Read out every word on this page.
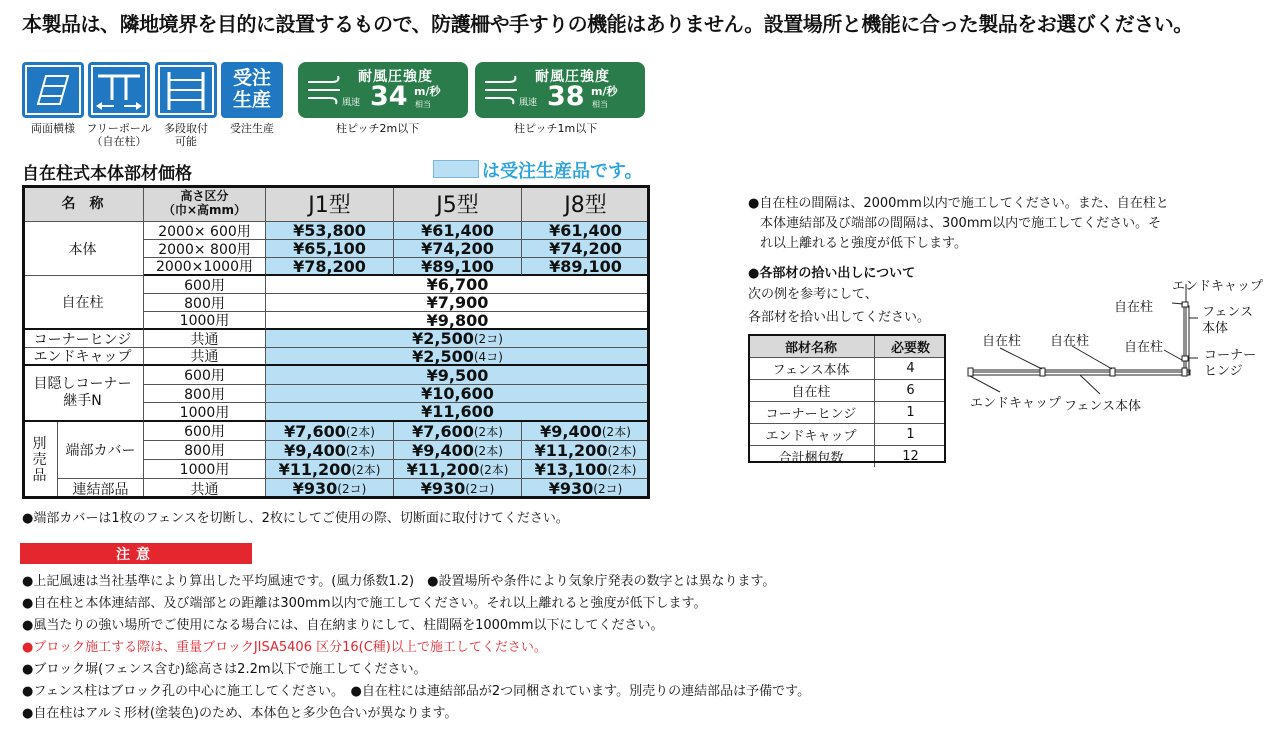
本製品は、隣地境界を目的に設置するもので、防護柵や手すりの機能はありません。設置場所と機能に合った製品をお選びください。
受注
生産
両面横様	フリーポール
（自在柱）
多段取付
可能
受注生産
耐風圧強度
風速 34 m/秒
相当
柱ピッチ2m以下
耐風圧強度
風速 38 m/秒
相当
柱ピッチ1m以下
自在柱式本体部材価格	は受注生産品です。
名　称	高さ区分
（巾×高mm）	J1型	J5型	J8型
本体
2000× 600用	¥53,800	¥61,400	¥61,400
2000× 800用	¥65,100	¥74,200	¥74,200
2000×1000用	¥78,200	¥89,100	¥89,100
自在柱
600用	¥6,700
800用	¥7,900
1000用	¥9,800
コーナーヒンジ	共通	¥2,500 (2コ)
エンドキャップ	共通	¥2,500 (4コ)
目隠しコーナー
継手N
600用	¥9,500
800用	¥10,600
1000用	¥11,600
別
売
品
端部カバー
600用	¥7,600 (2本) ¥7,600 (2本) ¥9,400 (2本)
800用	¥9,400 (2本) ¥9,400 (2本) ¥11,200 (2本)
1000用	¥11,200 (2本) ¥11,200 (2本) ¥13,100 (2本)
連結部品	共通	¥930 (2コ)	¥930 (2コ)	¥930 (2コ)
●端部カバーは1枚のフェンスを切断し、2枚にしてご使用の際、切断面に取付けてください。
注意
●上記風速は当社基準により算出した平均風速です。(風力係数1.2)　●設置場所や条件により気象庁発表の数字とは異なります。
●自在柱と本体連結部、及び端部との距離は300mm以内で施工してください。それ以上離れると強度が低下します。
●風当たりの強い場所でご使用になる場合には、自在納まりにして、柱間隔を1000mm以下にしてください。
●ブロック施工する際は、重量ブロックJISA5406 区分16(C種)以上で施工してください。
●ブロック塀(フェンス含む)総高さは2.2m以下で施工してください。
●フェンス柱はブロック孔の中心に施工してください。　●自在柱には連結部品が2つ同梱されています。別売りの連結部品は予備です。
●自在柱はアルミ形材(塗装色)のため、本体色と多少色合いが異なります。
●自在柱の間隔は、2000mm以内で施工してください。また、自在柱と
本体連結部及び端部の間隔は、300mm以内で施工してください。そ
れ以上離れると強度が低下します。
●各部材の拾い出しについて
次の例を参考にして、
各部材を拾い出してください。
部材名称	必要数
フェンス本体	4
自在柱	6
コーナーヒンジ	1
エンドキャップ	1
合計梱包数	12
エンドキャップ
自在柱	フェンス
本体
自在柱 自在柱	自在柱
コーナー
ヒンジ
エンドキャップ フェンス本体
